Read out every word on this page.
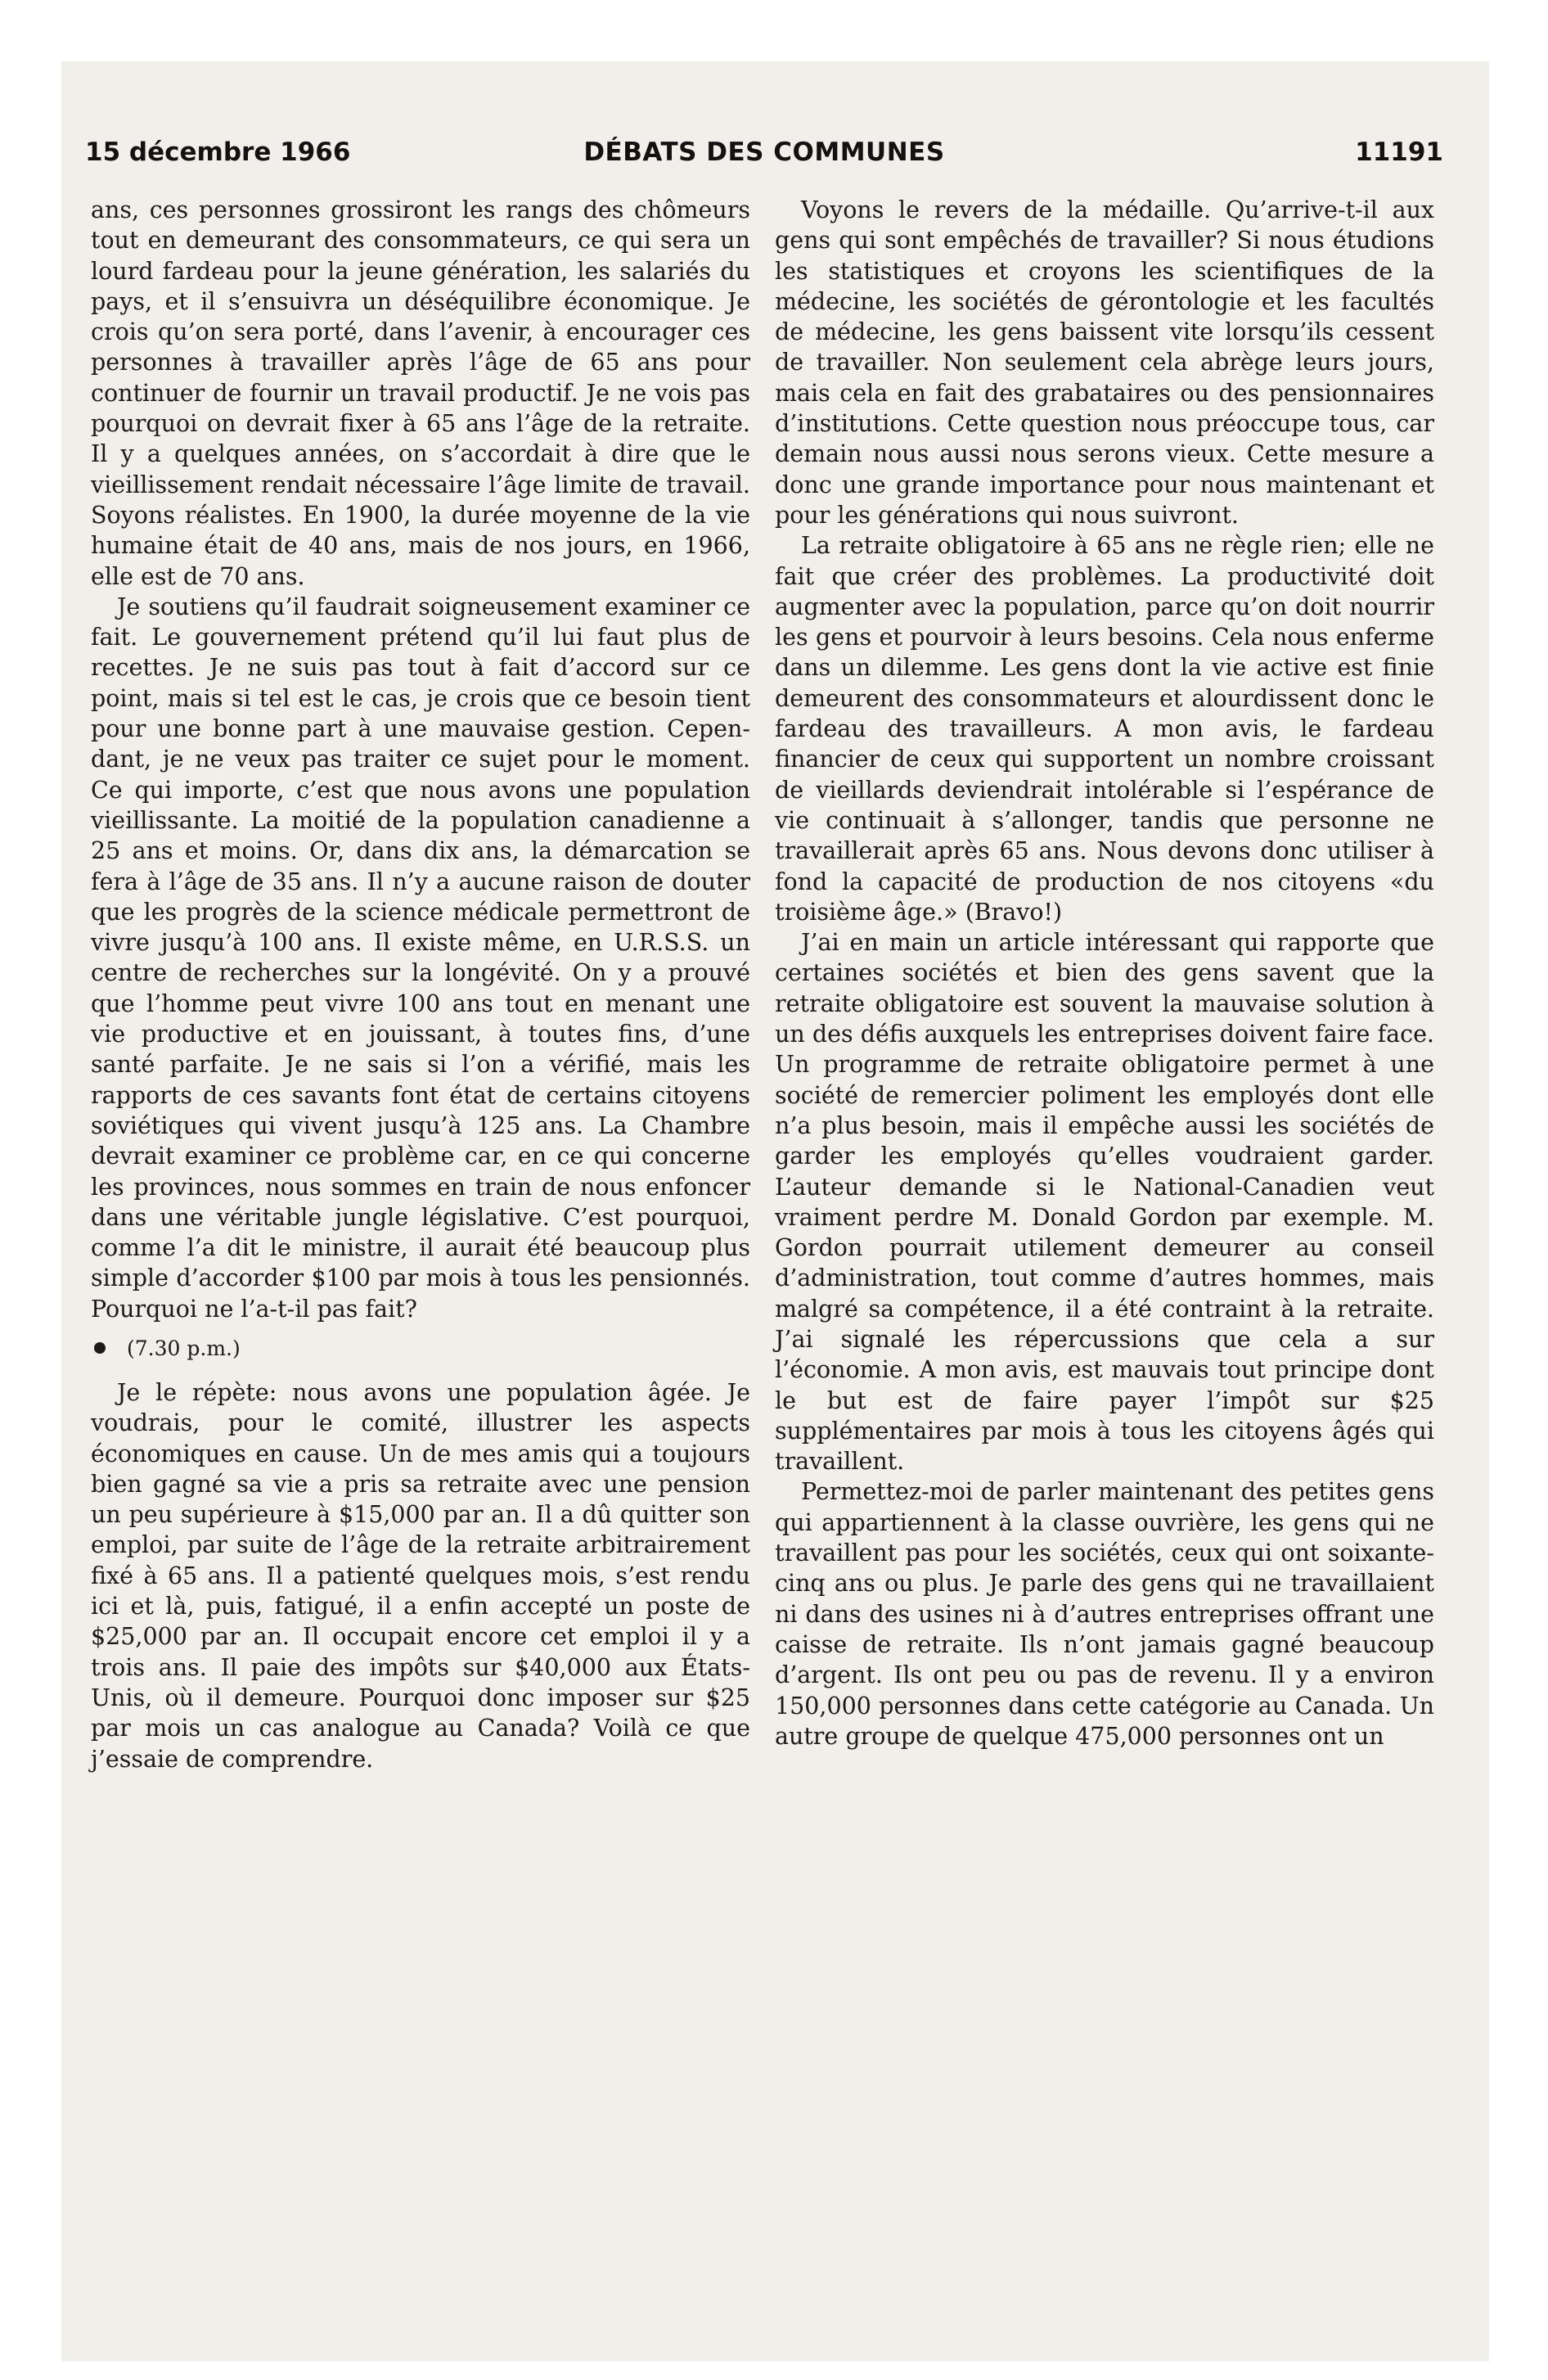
15 décembre 1966	DÉBATS DES COMMUNES	11191

ans, ces personnes grossiront les rangs des chômeurs tout en demeurant des consommateurs, ce qui sera un lourd fardeau pour la jeune génération, les salariés du pays, et il s’ensuivra un déséquilibre économique. Je crois qu’on sera porté, dans l’avenir, à encourager ces personnes à travailler après l’âge de 65 ans pour continuer de fournir un travail productif. Je ne vois pas pourquoi on devrait fixer à 65 ans l’âge de la retraite. Il y a quelques années, on s’accordait à dire que le vieillissement rendait nécessaire l’âge limite de travail. Soyons réalistes. En 1900, la durée moyenne de la vie humaine était de 40 ans, mais de nos jours, en 1966, elle est de 70 ans.

Je soutiens qu’il faudrait soigneusement examiner ce fait. Le gouvernement prétend qu’il lui faut plus de recettes. Je ne suis pas tout à fait d’accord sur ce point, mais si tel est le cas, je crois que ce besoin tient pour une bonne part à une mauvaise gestion. Cependant, je ne veux pas traiter ce sujet pour le moment. Ce qui importe, c’est que nous avons une population vieillissante. La moitié de la population canadienne a 25 ans et moins. Or, dans dix ans, la démarcation se fera à l’âge de 35 ans. Il n’y a aucune raison de douter que les progrès de la science médicale permettront de vivre jusqu’à 100 ans. Il existe même, en U.R.S.S. un centre de recherches sur la longévité. On y a prouvé que l’homme peut vivre 100 ans tout en menant une vie productive et en jouissant, à toutes fins, d’une santé parfaite. Je ne sais si l’on a vérifié, mais les rapports de ces savants font état de certains citoyens soviétiques qui vivent jusqu’à 125 ans. La Chambre devrait examiner ce problème car, en ce qui concerne les provinces, nous sommes en train de nous enfoncer dans une véritable jungle législative. C’est pourquoi, comme l’a dit le ministre, il aurait été beaucoup plus simple d’accorder $100 par mois à tous les pensionnés. Pourquoi ne l’a-t-il pas fait?

(7.30 p.m.)

Je le répète: nous avons une population âgée. Je voudrais, pour le comité, illustrer les aspects économiques en cause. Un de mes amis qui a toujours bien gagné sa vie a pris sa retraite avec une pension un peu supérieure à $15,000 par an. Il a dû quitter son emploi, par suite de l’âge de la retraite arbitrairement fixé à 65 ans. Il a patienté quelques mois, s’est rendu ici et là, puis, fatigué, il a enfin accepté un poste de $25,000 par an. Il occupait encore cet emploi il y a trois ans. Il paie des impôts sur $40,000 aux États-Unis, où il demeure. Pourquoi donc imposer sur $25 par mois un cas analogue au Canada? Voilà ce que j’essaie de comprendre.

Voyons le revers de la médaille. Qu’arrive-t-il aux gens qui sont empêchés de travailler? Si nous étudions les statistiques et croyons les scientifiques de la médecine, les sociétés de gérontologie et les facultés de médecine, les gens baissent vite lorsqu’ils cessent de travailler. Non seulement cela abrège leurs jours, mais cela en fait des grabataires ou des pensionnaires d’institutions. Cette question nous préoccupe tous, car demain nous aussi nous serons vieux. Cette mesure a donc une grande importance pour nous maintenant et pour les générations qui nous suivront.

La retraite obligatoire à 65 ans ne règle rien; elle ne fait que créer des problèmes. La productivité doit augmenter avec la population, parce qu’on doit nourrir les gens et pourvoir à leurs besoins. Cela nous enferme dans un dilemme. Les gens dont la vie active est finie demeurent des consommateurs et alourdissent donc le fardeau des travailleurs. A mon avis, le fardeau financier de ceux qui supportent un nombre croissant de vieillards deviendrait intolérable si l’espérance de vie continuait à s’allonger, tandis que personne ne travaillerait après 65 ans. Nous devons donc utiliser à fond la capacité de production de nos citoyens «du troisième âge.» (Bravo!)

J’ai en main un article intéressant qui rapporte que certaines sociétés et bien des gens savent que la retraite obligatoire est souvent la mauvaise solution à un des défis auxquels les entreprises doivent faire face. Un programme de retraite obligatoire permet à une société de remercier poliment les employés dont elle n’a plus besoin, mais il empêche aussi les sociétés de garder les employés qu’elles voudraient garder. L’auteur demande si le National-Canadien veut vraiment perdre M. Donald Gordon par exemple. M. Gordon pourrait utilement demeurer au conseil d’administration, tout comme d’autres hommes, mais malgré sa compétence, il a été contraint à la retraite. J’ai signalé les répercussions que cela a sur l’économie. A mon avis, est mauvais tout principe dont le but est de faire payer l’impôt sur $25 supplémentaires par mois à tous les citoyens âgés qui travaillent.

Permettez-moi de parler maintenant des petites gens qui appartiennent à la classe ouvrière, les gens qui ne travaillent pas pour les sociétés, ceux qui ont soixante-cinq ans ou plus. Je parle des gens qui ne travaillaient ni dans des usines ni à d’autres entreprises offrant une caisse de retraite. Ils n’ont jamais gagné beaucoup d’argent. Ils ont peu ou pas de revenu. Il y a environ 150,000 personnes dans cette catégorie au Canada. Un autre groupe de quelque 475,000 personnes ont un
